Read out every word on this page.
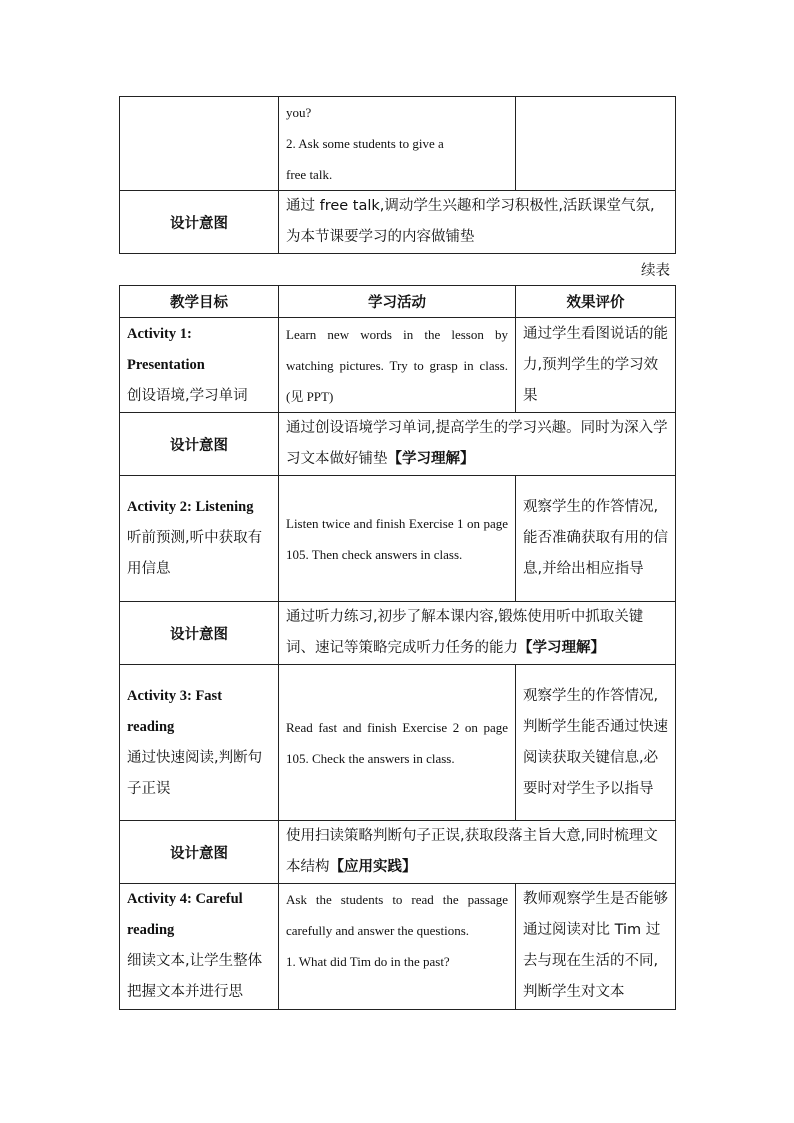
	you?
2. Ask some students to give a
free talk.	

设计意图	通过 free talk,调动学生兴趣和学习积极性,活跃课堂气氛,为本节课要学习的内容做铺垫	
续表
教学目标	学习活动	效果评价

Activity 1:
Presentation
创设语境,学习单词	Learn new words in the lesson by watching pictures. Try to grasp in class.(见 PPT)	通过学生看图说话的能力,预判学生的学习效果
设计意图	通过创设语境学习单词,提高学生的学习兴趣。同时为深入学习文本做好铺垫【学习理解】	

Activity 2: Listening
听前预测,听中获取有用信息	Listen twice and finish Exercise 1 on page 105. Then check answers in class.	观察学生的作答情况,能否准确获取有用的信息,并给出相应指导
设计意图	通过听力练习,初步了解本课内容,锻炼使用听中抓取关键词、速记等策略完成听力任务的能力【学习理解】	

Activity 3: Fast
reading
通过快速阅读,判断句子正误	Read fast and finish Exercise 2 on page 105. Check the answers in class.	观察学生的作答情况,判断学生能否通过快速阅读获取关键信息,必要时对学生予以指导
设计意图	使用扫读策略判断句子正误,获取段落主旨大意,同时梳理文本结构【应用实践】	

Activity 4: Careful
reading
细读文本,让学生整体把握文本并进行思	Ask the students to read the passage carefully and answer the questions.
1. What did Tim do in the past?	教师观察学生是否能够通过阅读对比 Tim 过去与现在生活的不同,判断学生对文本
